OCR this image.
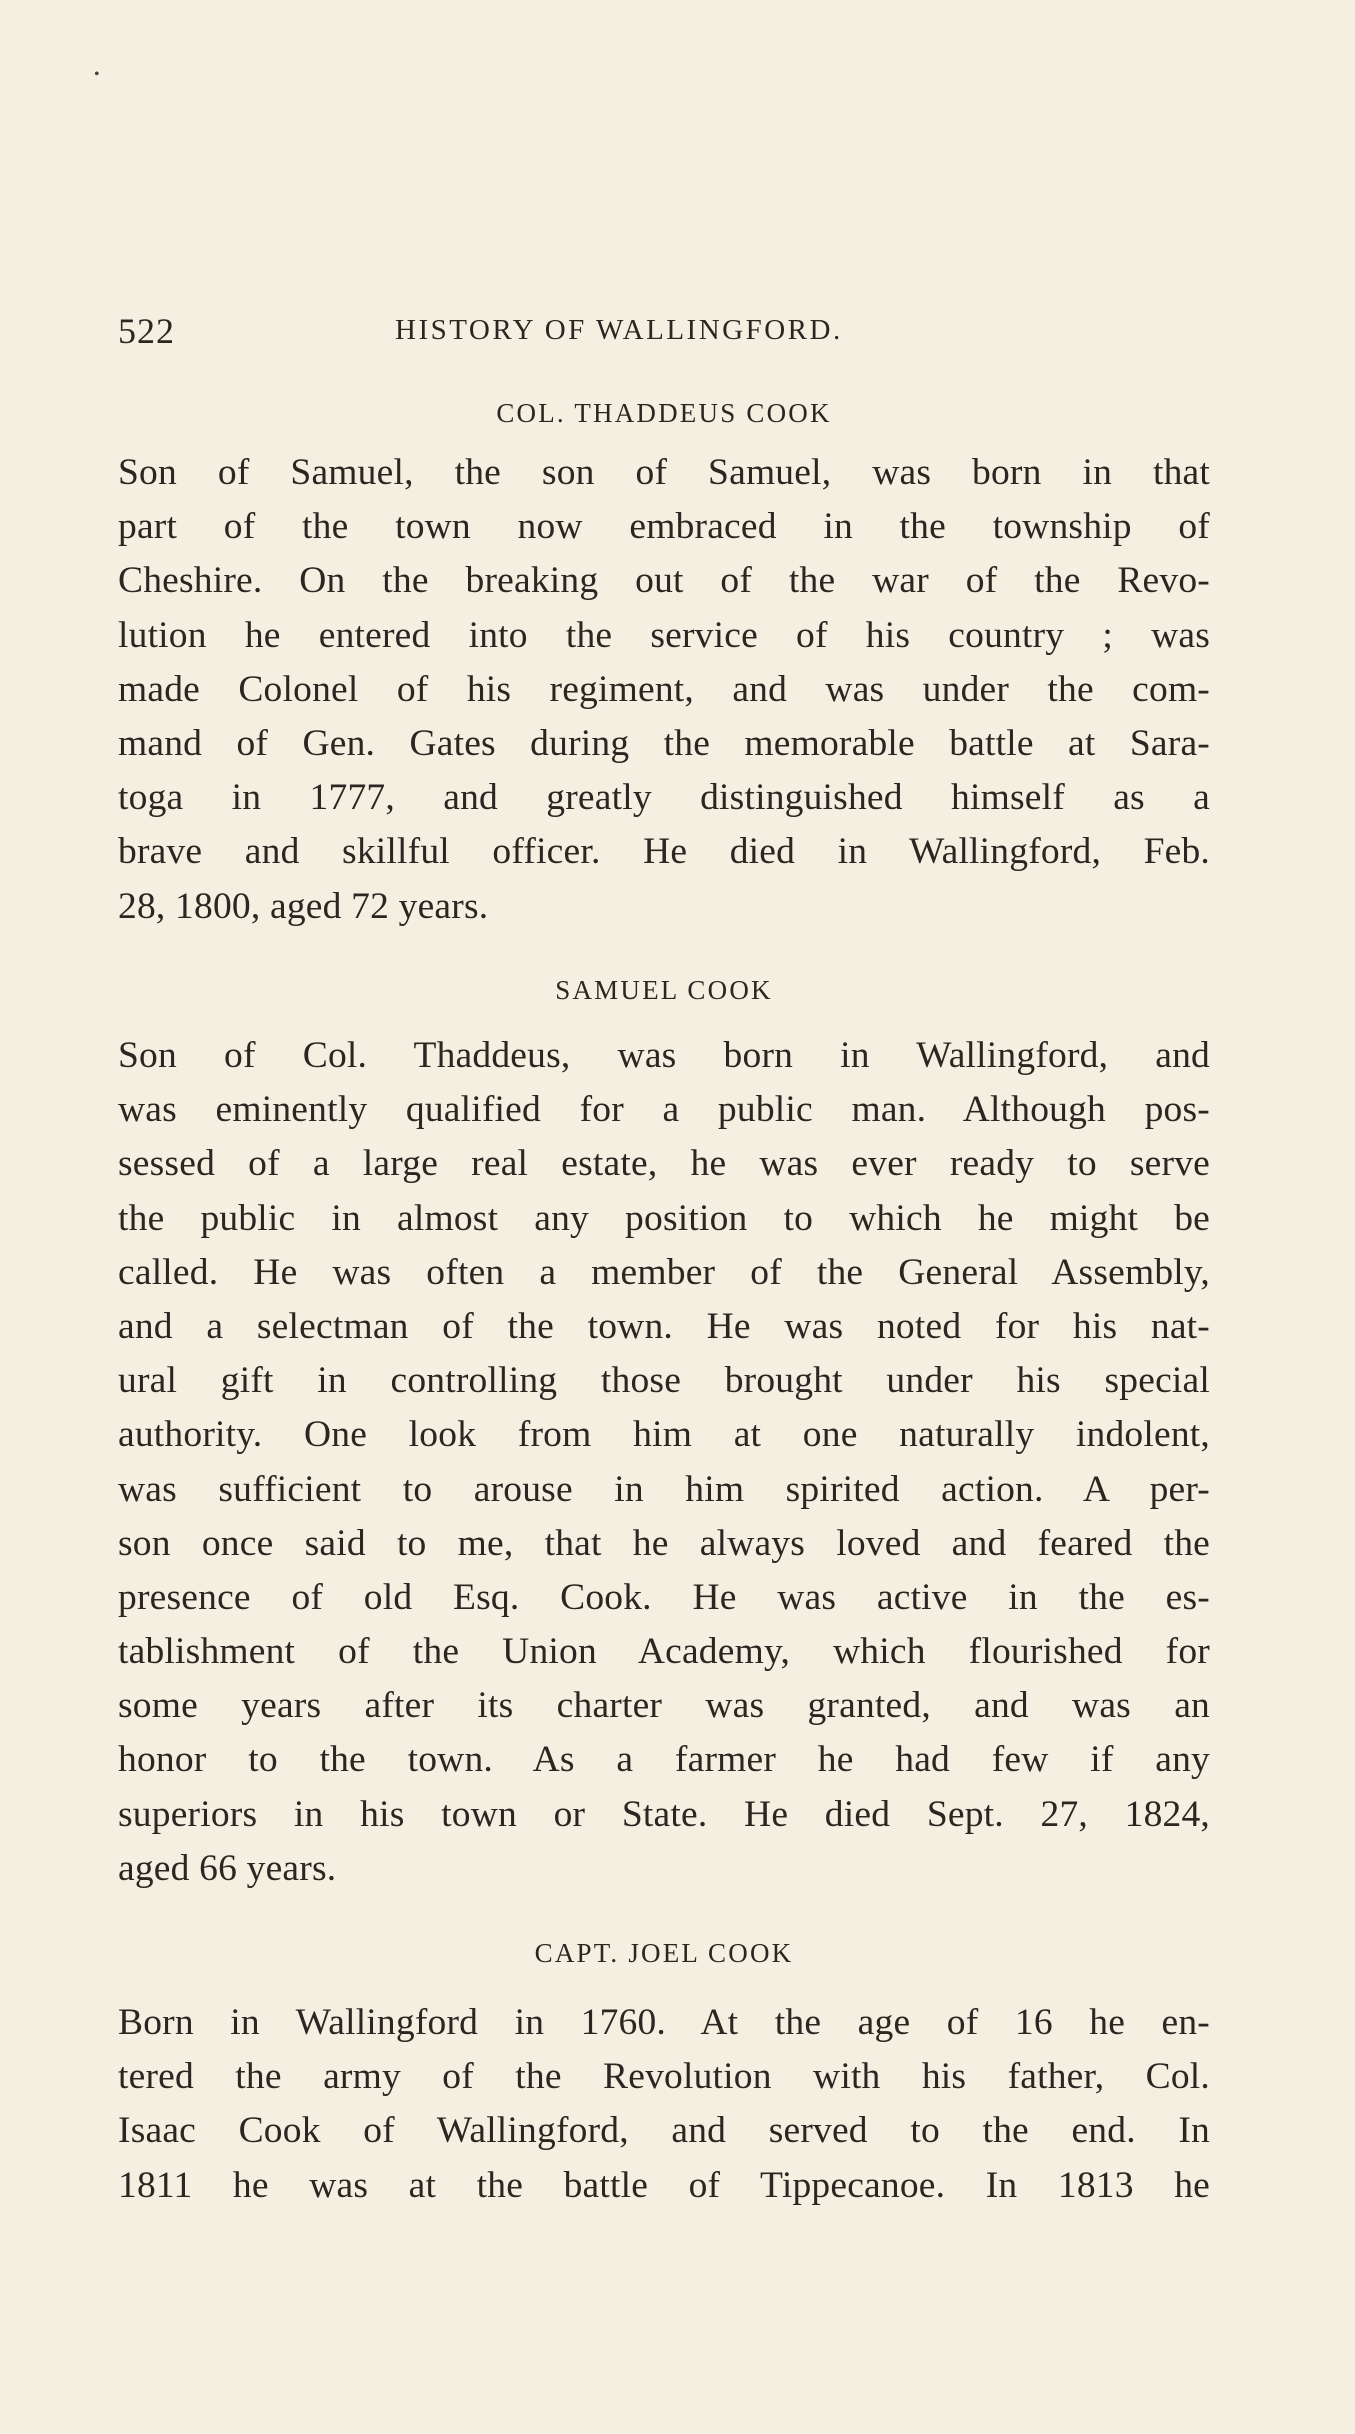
•
522	HISTORY OF WALLINGFORD.
COL. THADDEUS COOK
Son of Samuel, the son of Samuel, was born in that
part of the town now embraced in the township of
Cheshire. On the breaking out of the war of the Revo-
lution he entered into the service of his country ; was
made Colonel of his regiment, and was under the com-
mand of Gen. Gates during the memorable battle at Sara-
toga in 1777, and greatly distinguished himself as a
brave and skillful officer. He died in Wallingford, Feb.
28, 1800, aged 72 years.
SAMUEL COOK
Son of Col. Thaddeus, was born in Wallingford, and
was eminently qualified for a public man. Although pos-
sessed of a large real estate, he was ever ready to serve
the public in almost any position to which he might be
called. He was often a member of the General Assembly,
and a selectman of the town. He was noted for his nat-
ural gift in controlling those brought under his special
authority. One look from him at one naturally indolent,
was sufficient to arouse in him spirited action. A per-
son once said to me, that he always loved and feared the
presence of old Esq. Cook. He was active in the es-
tablishment of the Union Academy, which flourished for
some years after its charter was granted, and was an
honor to the town. As a farmer he had few if any
superiors in his town or State. He died Sept. 27, 1824,
aged 66 years.
CAPT. JOEL COOK
Born in Wallingford in 1760. At the age of 16 he en-
tered the army of the Revolution with his father, Col.
Isaac Cook of Wallingford, and served to the end. In
1811 he was at the battle of Tippecanoe. In 1813 he
